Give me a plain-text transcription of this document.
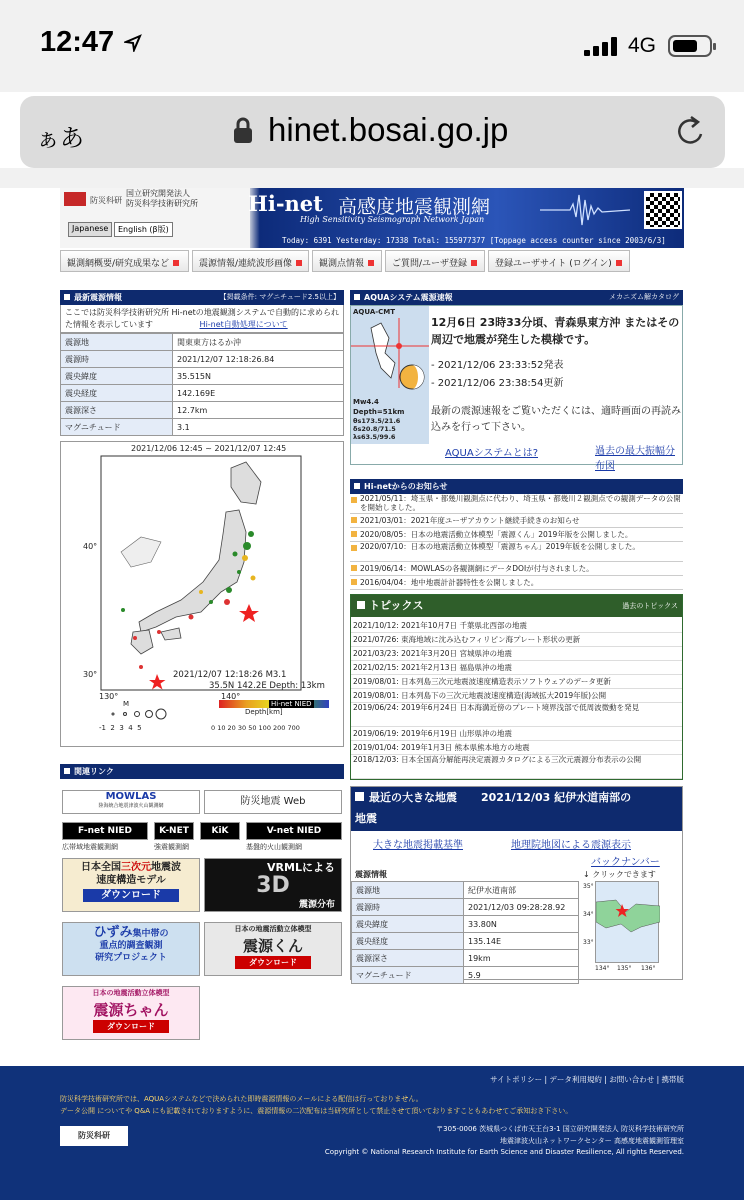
12:47	4G
ぁあ	hinet.bosai.go.jp
防災科研
国立研究開発法人
防災科学技術研究所
Japanese	English (β版)
Hi-net 高感度地震観測網
High Sensitivity Seismograph Network Japan
Today: 6391 Yesterday: 17338 Total: 155977377 [Toppage access counter since 2003/6/3]
観測網概要/研究成果など	震源情報/連続波形画像	観測点情報	ご質問/ユーザ登録	登録ユーザサイト (ログイン)
最新震源情報	【掲載条件: マグニチュード2.5以上】
ここでは防災科学技術研究所 Hi-netの地震観測システムで自動的に求められた情報を表示しています	Hi-net自動処理について
震源地	関東東方はるか沖
震源時	2021/12/07 12:18:26.84
震央緯度	35.515N
震央経度	142.169E
震源深さ	12.7km
マグニチュード	3.1
2021/12/06 12:45 ~ 2021/12/07 12:45
40°
30°
130°	140°
2021/12/07 12:18:26 M3.1
35.5N 142.2E Depth: 13km
Hi-net NIED
M
-1  2  3  4  5
Depth[km]
0 10 20 30 50 100 200 700
関連リンク
MOWLAS
陸海統合地震津波火山観測網	防災地震 Web
F-net NIED	K-NET	KiK	V-net NIED
広帯域地震観測網	強震観測網	基盤的火山観測網
日本全国三次元地震波
速度構造モデル
ダウンロード
VRMLによる
3D
震源分布
ひずみ集中帯の
重点的調査観測
研究プロジェクト
日本の地震活動立体模型
震源くん
ダウンロード
日本の地震活動立体模型
震源ちゃん
ダウンロード
AQUAシステム震源速報	メカニズム解カタログ
AQUA-CMT
Mw4.4
Depth=51km
θs173.5/21.6
δs20.8/71.5
λs63.5/99.6
12月6日 23時33分頃、青森県東方沖 またはその周辺で地震が発生した模様です。
- 2021/12/06 23:33:52発表
- 2021/12/06 23:38:54更新
最新の震源速報をご覧いただくには、適時画面の再読み込みを行って下さい。
AQUAシステムとは?	過去の最大振幅分布図
Hi-netからのお知らせ
2021/05/11：埼玉県・都幾川観測点に代わり、埼玉県・都幾川２観測点での観測データの公開を開始しました。
2021/03/01：2021年度ユーザアカウント継続手続きのお知らせ
2020/08/05：日本の地震活動立体模型「震源くん」2019年版を公開しました。
2020/07/10：日本の地震活動立体模型「震源ちゃん」2019年版を公開しました。
2019/06/14：MOWLASの各観測網にデータDOIが付与されました。
2016/04/04：地中地震計計器特性を公開しました。
トピックス	過去のトピックス
2021/10/12: 2021年10月7日 千葉県北西部の地震
2021/07/26: 東海地域に沈み込むフィリピン海プレート形状の更新
2021/03/23: 2021年3月20日 宮城県沖の地震
2021/02/15: 2021年2月13日 福島県沖の地震
2019/08/01: 日本列島三次元地震波速度構造表示ソフトウェアのデータ更新
2019/08/01: 日本列島下の三次元地震波速度構造(海域拡大2019年版)公開
2019/06/24: 2019年6月24日 日本海溝近傍のプレート境界浅部で低周波微動を発見
2019/06/19: 2019年6月19日 山形県沖の地震
2019/01/04: 2019年1月3日 熊本県熊本地方の地震
2018/12/03: 日本全国高分解能再決定震源カタログによる三次元震源分布表示の公開
最近の大きな地震 2021/12/03 紀伊水道南部の
地震
大きな地震掲載基準	地理院地図による震源表示
バックナンバー
震源情報	↓ クリックできます
震源地	紀伊水道南部
震源時	2021/12/03 09:28:28.92
震央緯度	33.80N
震央経度	135.14E
震源深さ	19km
マグニチュード	5.9
35°
34°
33°
134° 135° 136°
サイトポリシー | データ利用規約 | お問い合わせ | 携帯版
防災科学技術研究所では、AQUAシステムなどで決められた即時震源情報のメールによる配信は行っておりません。
データ公開 についてや Q&A にも記載されておりますように、震源情報の二次配布は当研究所として禁止させて頂いておりますこともあわせてご承知おき下さい。
防災科研
〒305-0006 茨城県つくば市天王台3-1 国立研究開発法人 防災科学技術研究所
地震津波火山ネットワークセンター 高感度地震観測管理室
Copyright © National Research Institute for Earth Science and Disaster Resilience, All rights Reserved.
